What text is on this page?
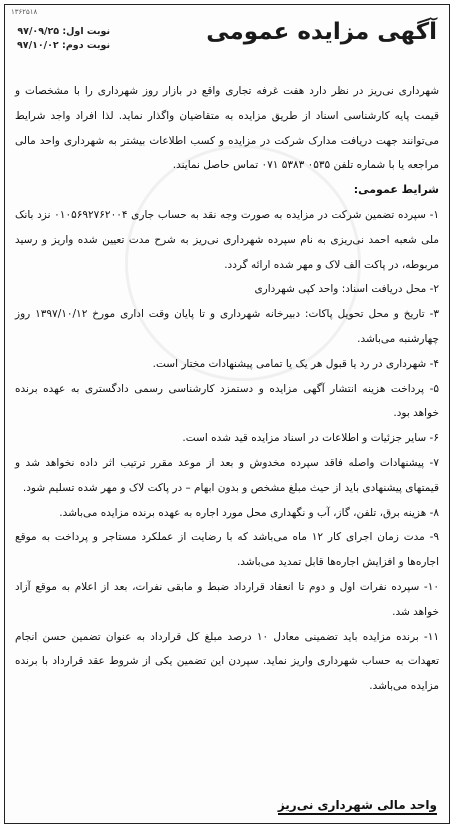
۱۳۶۲۵۱۸
آگهی مزایده عمومی
نوبت اول: ۹۷/۰۹/۲۵
نوبت دوم: ۹۷/۱۰/۰۲

شهرداری نی‌ریز در نظر دارد هفت غرفه تجاری واقع در بازار روز شهرداری را با مشخصات و قیمت پایه کارشناسی اسناد از طریق مزایده به متقاضیان واگذار نماید. لذا افراد واجد شرایط می‌توانند جهت دریافت مدارک شرکت در مزایده و کسب اطلاعات بیشتر به شهرداری واحد مالی مراجعه یا با شماره تلفن ۰۵۳۵ ۵۳۸۳ ۰۷۱ تماس حاصل نمایند.

شرایط عمومی:

۱- سپرده تضمین شرکت در مزایده به صورت وجه نقد به حساب جاری ۰۱۰۵۶۹۲۷۶۲۰۰۴ نزد بانک ملی شعبه احمد نی‌ریزی به نام سپرده شهرداری نی‌ریز به شرح مدت تعیین شده واریز و رسید مربوطه، در پاکت الف لاک و مهر شده ارائه گردد.

۲- محل دریافت اسناد: واحد کپی شهرداری

۳- تاریخ و محل تحویل پاکات: دبیرخانه شهرداری و تا پایان وقت اداری مورخ ۱۳۹۷/۱۰/۱۲ روز چهارشنبه می‌باشد.

۴- شهرداری در رد یا قبول هر یک یا تمامی پیشنهادات مختار است.

۵- پرداخت هزینه انتشار آگهی مزایده و دستمزد کارشناسی رسمی دادگستری به عهده برنده خواهد بود.

۶- سایر جزئیات و اطلاعات در اسناد مزایده قید شده است.

۷- پیشنهادات واصله فاقد سپرده مخدوش و بعد از موعد مقرر ترتیب اثر داده نخواهد شد و قیمتهای پیشنهادی باید از حیث مبلغ مشخص و بدون ابهام – در پاکت لاک و مهر شده تسلیم شود.

۸- هزینه برق، تلفن، گاز، آب و نگهداری محل مورد اجاره به عهده برنده مزایده می‌باشد.

۹- مدت زمان اجرای کار ۱۲ ماه می‌باشد که با رضایت از عملکرد مستاجر و پرداخت به موقع اجاره‌ها و افزایش اجاره‌ها قابل تمدید می‌باشد.

۱۰- سپرده نفرات اول و دوم تا انعقاد قرارداد ضبط و مابقی نفرات، بعد از اعلام به موقع آزاد خواهد شد.

۱۱- برنده مزایده باید تضمینی معادل ۱۰ درصد مبلغ کل قرارداد به عنوان تضمین حسن انجام تعهدات به حساب شهرداری واریز نماید. سپردن این تضمین یکی از شروط عقد قرارداد با برنده مزایده می‌باشد.

واحد مالی شهرداری نی‌ریز
